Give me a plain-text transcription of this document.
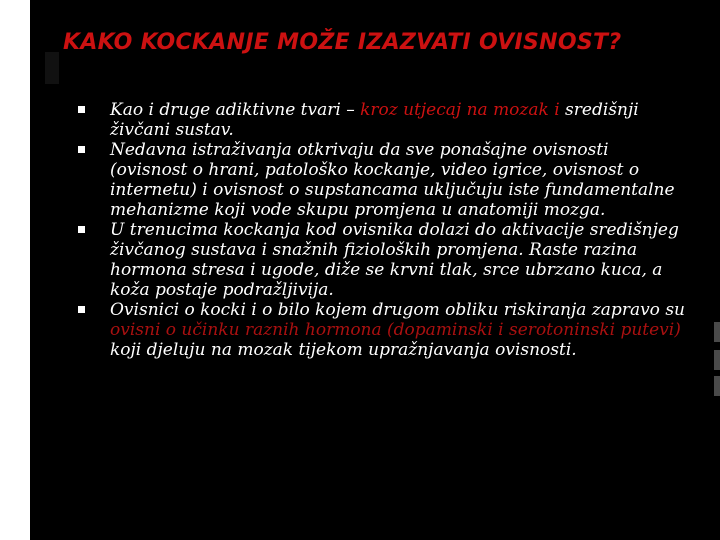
KAKO KOCKANJE MOŽE IZAZVATI OVISNOST?

Kao i druge adiktivne tvari – kroz utjecaj na mozak i središnji živčani sustav.

Nedavna istraživanja otkrivaju da sve ponašajne ovisnosti (ovisnost o hrani, patološko kockanje, video igrice, ovisnost o internetu) i ovisnost o supstancama uključuju iste fundamentalne mehanizme koji vode skupu promjena u anatomiji mozga.

U trenucima kockanja kod ovisnika dolazi do aktivacije središnjeg živčanog sustava i snažnih fizioloških promjena. Raste razina hormona stresa i ugode, diže se krvni tlak, srce ubrzano kuca, a koža postaje podražljivija.

Ovisnici o kocki i o bilo kojem drugom obliku riskiranja zapravo su ovisni o učinku raznih hormona (dopaminski i serotoninski putevi) koji djeluju na mozak tijekom upražnjavanja ovisnosti.
